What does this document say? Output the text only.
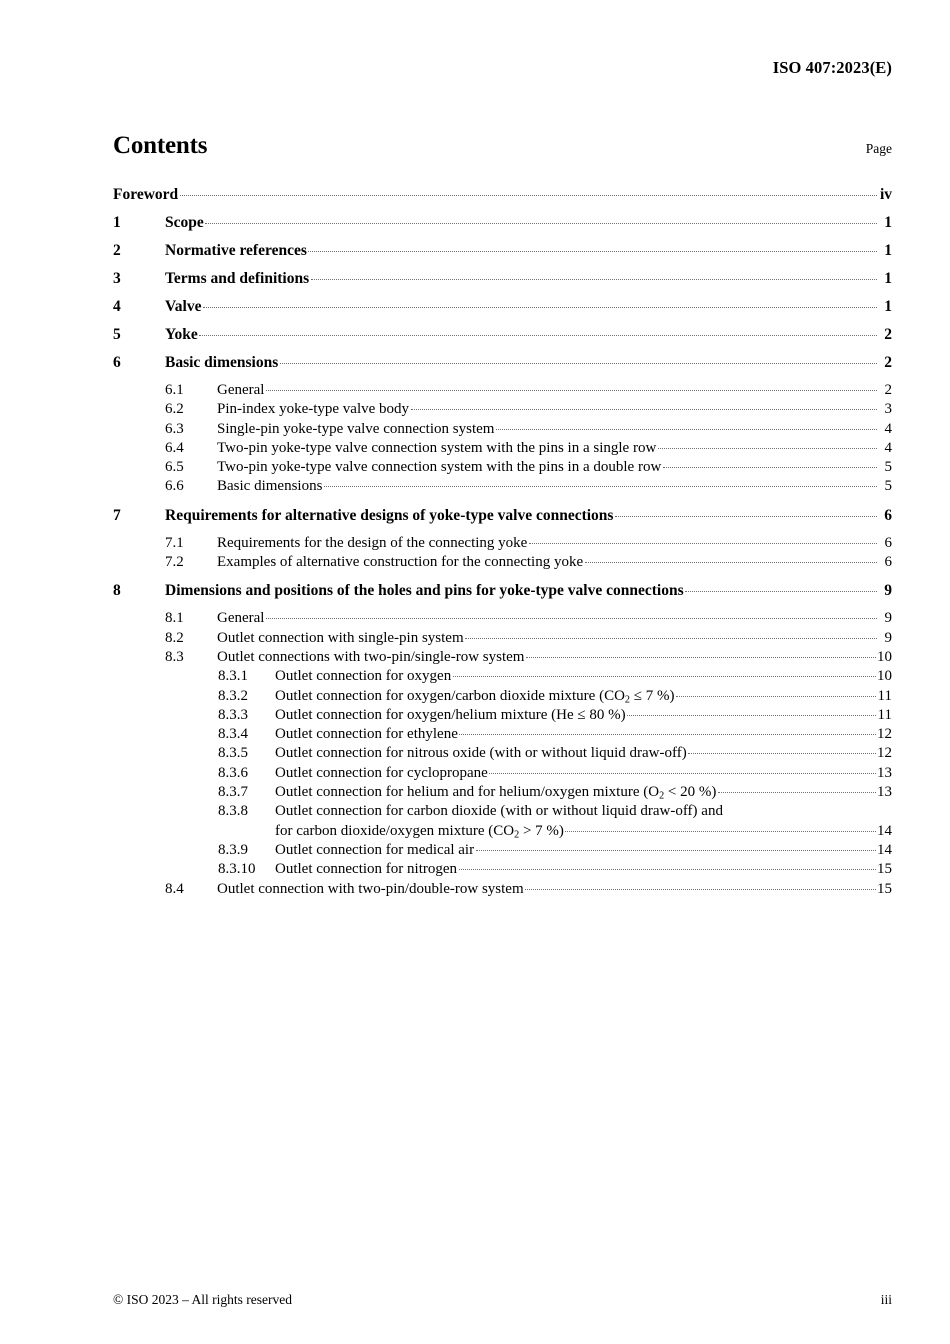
ISO 407:2023(E)
Contents	Page
Foreword	iv
1	Scope	1
2	Normative references	1
3	Terms and definitions	1
4	Valve	1
5	Yoke	2
6	Basic dimensions	2
6.1	General	2
6.2	Pin-index yoke-type valve body	3
6.3	Single-pin yoke-type valve connection system	4
6.4	Two-pin yoke-type valve connection system with the pins in a single row	4
6.5	Two-pin yoke-type valve connection system with the pins in a double row	5
6.6	Basic dimensions	5
7	Requirements for alternative designs of yoke-type valve connections	6
7.1	Requirements for the design of the connecting yoke	6
7.2	Examples of alternative construction for the connecting yoke	6
8	Dimensions and positions of the holes and pins for yoke-type valve connections	9
8.1	General	9
8.2	Outlet connection with single-pin system	9
8.3	Outlet connections with two-pin/single-row system	10
8.3.1	Outlet connection for oxygen	10
8.3.2	Outlet connection for oxygen/carbon dioxide mixture ($CO_2 \le 7$ %)	11
8.3.3	Outlet connection for oxygen/helium mixture (He ≤ 80 %)	11
8.3.4	Outlet connection for ethylene	12
8.3.5	Outlet connection for nitrous oxide (with or without liquid draw-off)	12
8.3.6	Outlet connection for cyclopropane	13
8.3.7	Outlet connection for helium and for helium/oxygen mixture ($O_2 < 20$ %)	13
8.3.8	Outlet connection for carbon dioxide (with or without liquid draw-off) and
for carbon dioxide/oxygen mixture ($CO_2 > 7$ %)	14
8.3.9	Outlet connection for medical air	14
8.3.10	Outlet connection for nitrogen	15
8.4	Outlet connection with two-pin/double-row system	15
© ISO 2023 – All rights reserved	iii
